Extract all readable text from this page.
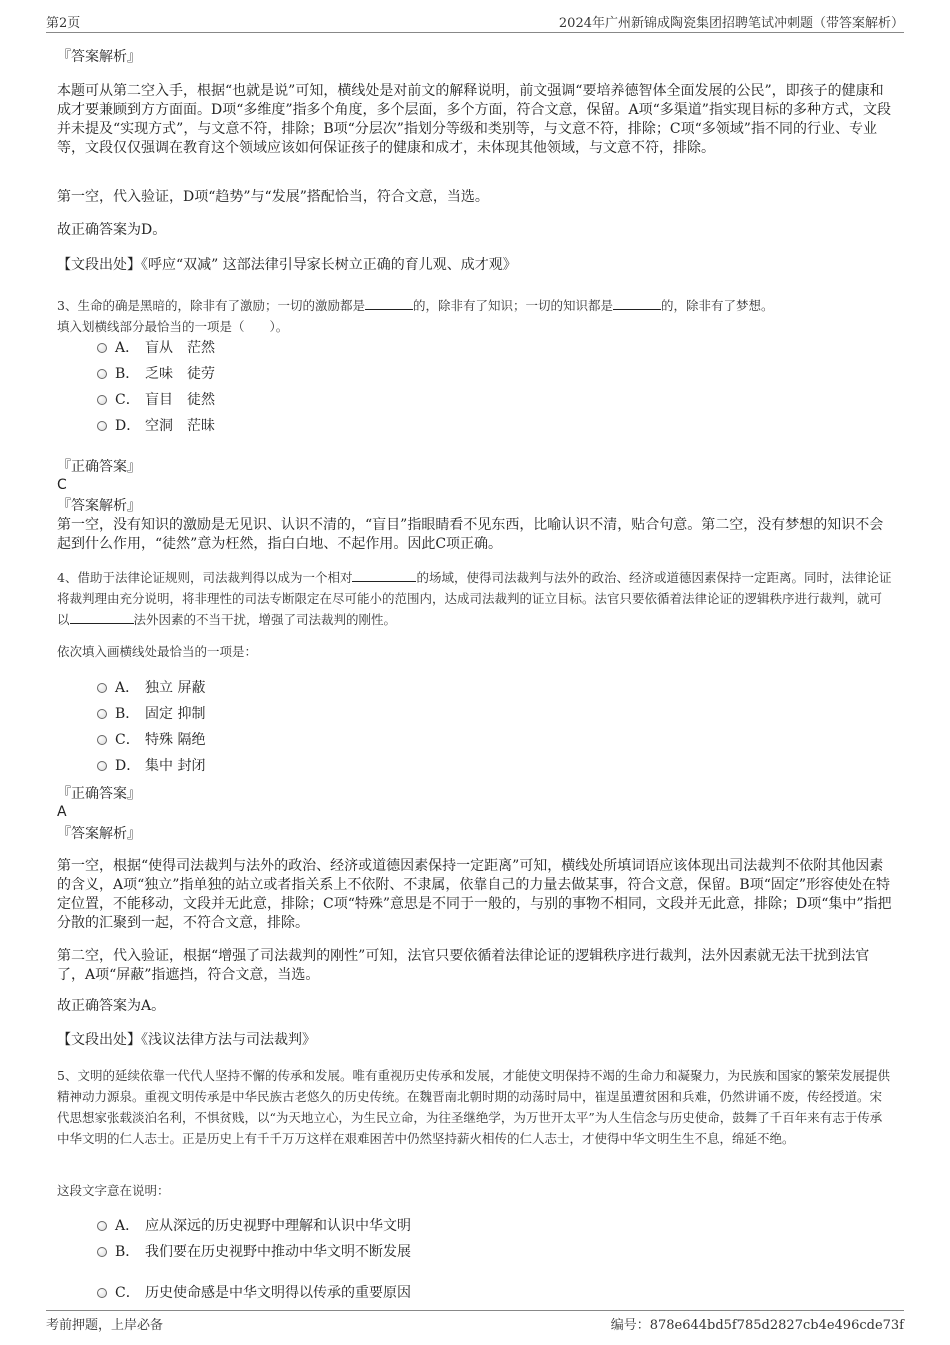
第2页	2024年广州新锦成陶瓷集团招聘笔试冲刺题（带答案解析）
『答案解析』
本题可从第二空入手，根据“也就是说”可知，横线处是对前文的解释说明，前文强调“要培养德智体全面发展的公民”，即孩子的健康和成才要兼顾到方方面面。D项“多维度”指多个角度，多个层面，多个方面，符合文意，保留。A项“多渠道”指实现目标的多种方式，文段并未提及“实现方式”，与文意不符，排除；B项“分层次”指划分等级和类别等，与文意不符，排除；C项“多领域”指不同的行业、专业等，文段仅仅强调在教育这个领域应该如何保证孩子的健康和成才，未体现其他领域，与文意不符，排除。
第一空，代入验证，D项“趋势”与“发展”搭配恰当，符合文意，当选。
故正确答案为D。
【文段出处】《呼应“双减” 这部法律引导家长树立正确的育儿观、成才观》
3、生命的确是黑暗的，除非有了激励；一切的激励都是	的，除非有了知识；一切的知识都是	的，除非有了梦想。
填入划横线部分最恰当的一项是（　　）。
A． 盲从　茫然
B． 乏味　徒劳
C． 盲目　徒然
D． 空洞　茫昧
『正确答案』
C
『答案解析』
第一空，没有知识的激励是无见识、认识不清的，“盲目”指眼睛看不见东西，比喻认识不清，贴合句意。第二空，没有梦想的知识不会起到什么作用，“徒然”意为枉然，指白白地、不起作用。因此C项正确。
4、借助于法律论证规则，司法裁判得以成为一个相对	的场域，使得司法裁判与法外的政治、经济或道德因素保持一定距离。同时，法律论证将裁判理由充分说明，将非理性的司法专断限定在尽可能小的范围内，达成司法裁判的证立目标。法官只要依循着法律论证的逻辑秩序进行裁判，就可以	法外因素的不当干扰，增强了司法裁判的刚性。
依次填入画横线处最恰当的一项是：
A． 独立 屏蔽
B． 固定 抑制
C． 特殊 隔绝
D． 集中 封闭
『正确答案』
A
『答案解析』
第一空，根据“使得司法裁判与法外的政治、经济或道德因素保持一定距离”可知，横线处所填词语应该体现出司法裁判不依附其他因素的含义，A项“独立”指单独的站立或者指关系上不依附、不隶属，依靠自己的力量去做某事，符合文意，保留。B项“固定”形容使处在特定位置，不能移动，文段并无此意，排除；C项“特殊”意思是不同于一般的，与别的事物不相同，文段并无此意，排除；D项“集中”指把分散的汇聚到一起，不符合文意，排除。
第二空，代入验证，根据“增强了司法裁判的刚性”可知，法官只要依循着法律论证的逻辑秩序进行裁判，法外因素就无法干扰到法官了，A项“屏蔽”指遮挡，符合文意，当选。
故正确答案为A。
【文段出处】《浅议法律方法与司法裁判》
5、文明的延续依靠一代代人坚持不懈的传承和发展。唯有重视历史传承和发展，才能使文明保持不竭的生命力和凝聚力，为民族和国家的繁荣发展提供精神动力源泉。重视文明传承是中华民族古老悠久的历史传统。在魏晋南北朝时期的动荡时局中，崔逞虽遭贫困和兵难，仍然讲诵不废，传经授道。宋代思想家张载淡泊名利，不惧贫贱，以“为天地立心，为生民立命，为往圣继绝学，为万世开太平”为人生信念与历史使命，鼓舞了千百年来有志于传承中华文明的仁人志士。正是历史上有千千万万这样在艰难困苦中仍然坚持薪火相传的仁人志士，才使得中华文明生生不息，绵延不绝。
这段文字意在说明：
A． 应从深远的历史视野中理解和认识中华文明
B． 我们要在历史视野中推动中华文明不断发展
C． 历史使命感是中华文明得以传承的重要原因
考前押题，上岸必备	编号：878e644bd5f785d2827cb4e496cde73f
